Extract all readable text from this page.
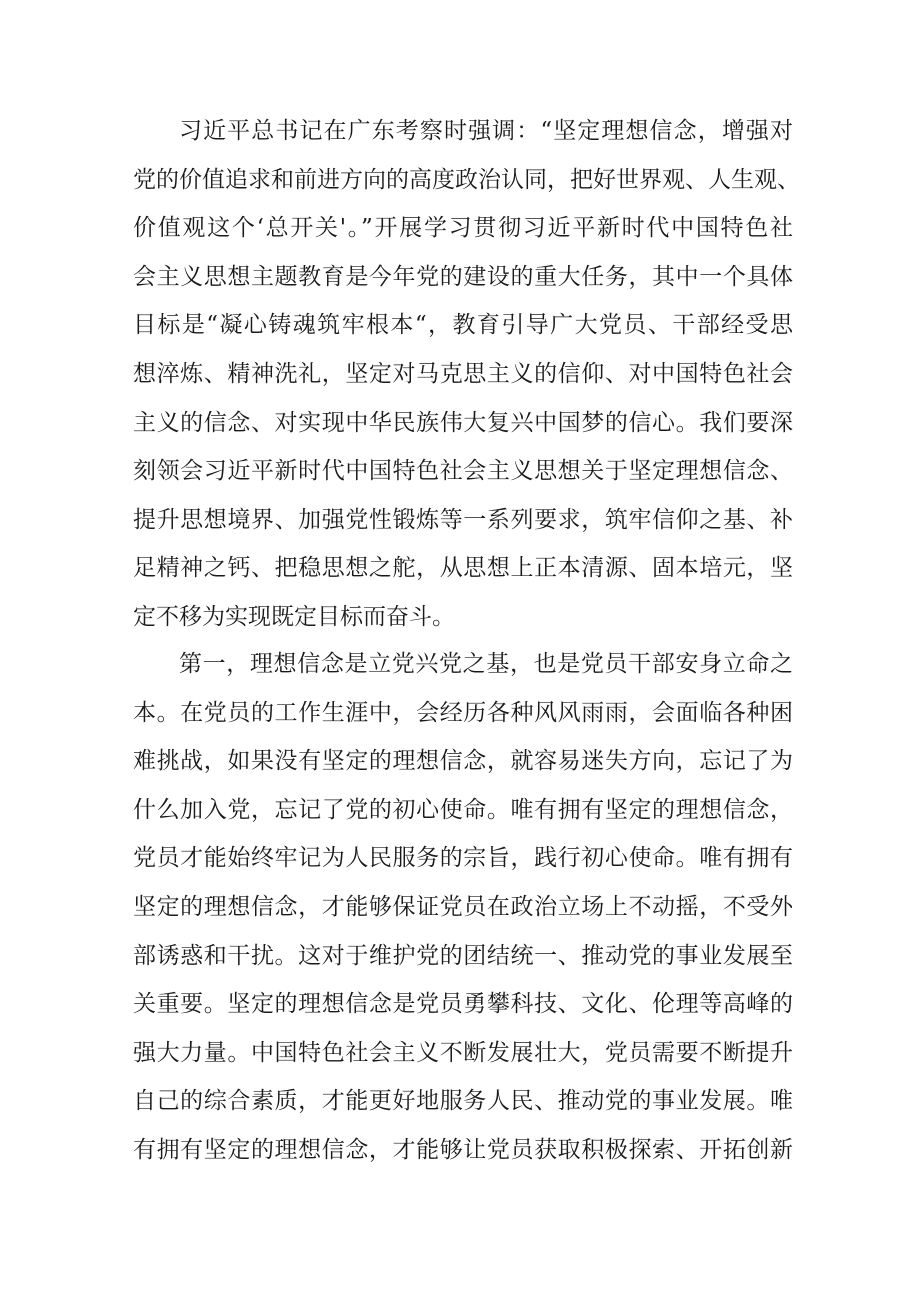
习近平总书记在广东考察时强调：“坚定理想信念，增强对
党的价值追求和前进方向的高度政治认同，把好世界观、人生观、
价值观这个‘总开关'。”开展学习贯彻习近平新时代中国特色社
会主义思想主题教育是今年党的建设的重大任务，其中一个具体
目标是“凝心铸魂筑牢根本“，教育引导广大党员、干部经受思
想淬炼、精神洗礼，坚定对马克思主义的信仰、对中国特色社会
主义的信念、对实现中华民族伟大复兴中国梦的信心。我们要深
刻领会习近平新时代中国特色社会主义思想关于坚定理想信念、
提升思想境界、加强党性锻炼等一系列要求，筑牢信仰之基、补
足精神之钙、把稳思想之舵，从思想上正本清源、固本培元，坚
定不移为实现既定目标而奋斗。
第一，理想信念是立党兴党之基，也是党员干部安身立命之
本。在党员的工作生涯中，会经历各种风风雨雨，会面临各种困
难挑战，如果没有坚定的理想信念，就容易迷失方向，忘记了为
什么加入党，忘记了党的初心使命。唯有拥有坚定的理想信念，
党员才能始终牢记为人民服务的宗旨，践行初心使命。唯有拥有
坚定的理想信念，才能够保证党员在政治立场上不动摇，不受外
部诱惑和干扰。这对于维护党的团结统一、推动党的事业发展至
关重要。坚定的理想信念是党员勇攀科技、文化、伦理等高峰的
强大力量。中国特色社会主义不断发展壮大，党员需要不断提升
自己的综合素质，才能更好地服务人民、推动党的事业发展。唯
有拥有坚定的理想信念，才能够让党员获取积极探索、开拓创新
